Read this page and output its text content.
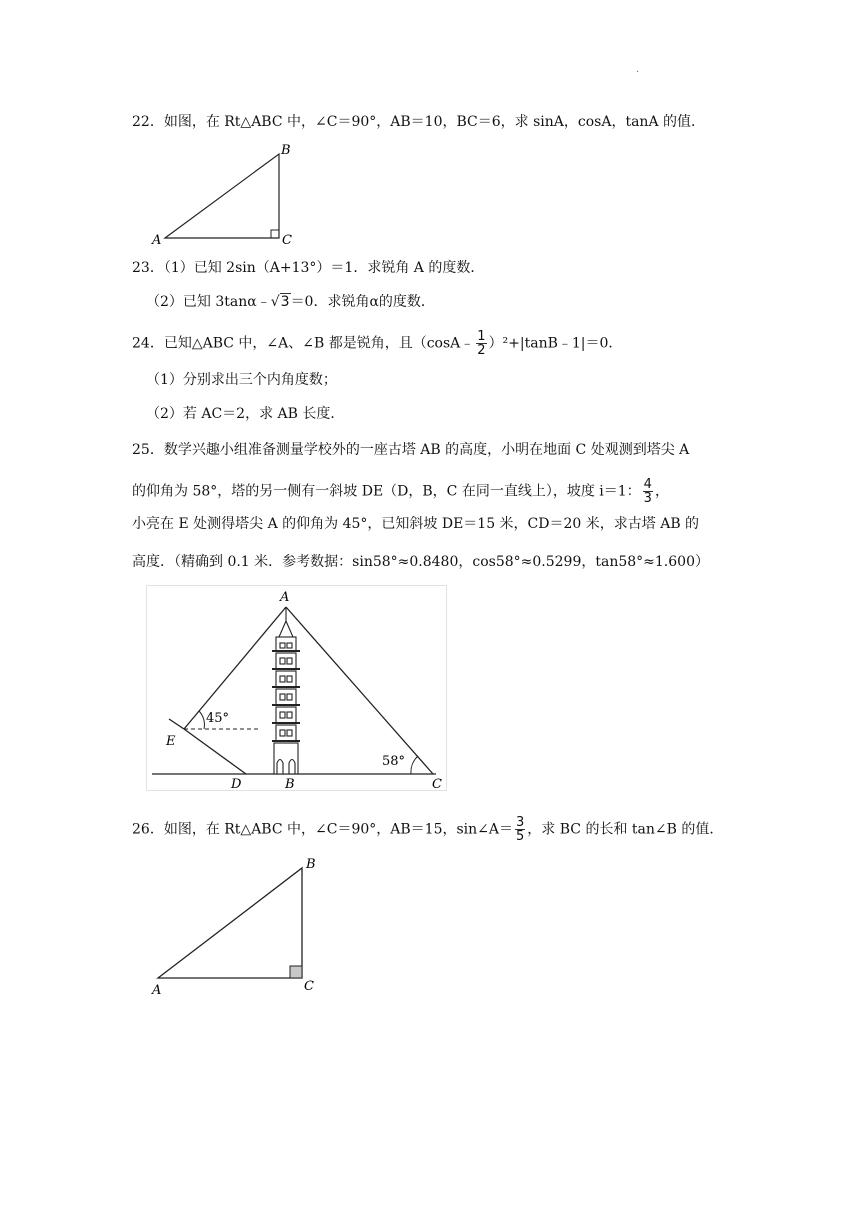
.
22．如图，在 Rt△ABC 中，∠C＝90°，AB＝10，BC＝6，求 sinA，cosA，tanA 的值．
A
B
C
23．（1）已知 2sin（A+13°）＝1．求锐角 A 的度数．
（2）已知 3tanα﹣√3＝0．求锐角α的度数．
24．已知△ABC 中，∠A、∠B 都是锐角，且（cosA﹣ $\frac{1}{2}$ ）²+|tanB﹣1|＝0．
（1）分别求出三个内角度数；
（2）若 AC＝2，求 AB 长度．
25．数学兴趣小组准备测量学校外的一座古塔 AB 的高度，小明在地面 C 处观测到塔尖 A
的仰角为 58°，塔的另一侧有一斜坡 DE（D，B，C 在同一直线上），坡度 i＝1： $\frac{4}{3}$ ，
小亮在 E 处测得塔尖 A 的仰角为 45°，已知斜坡 DE＝15 米，CD＝20 米，求古塔 AB 的
高度．（精确到 0.1 米．参考数据：sin58°≈0.8480，cos58°≈0.5299，tan58°≈1.600）
A
B	C
D
E
45°
58°
26．如图，在 Rt△ABC 中，∠C＝90°，AB＝15，sin∠A＝ $\frac{3}{5}$ ，求 BC 的长和 tan∠B 的值．
A
B
C
